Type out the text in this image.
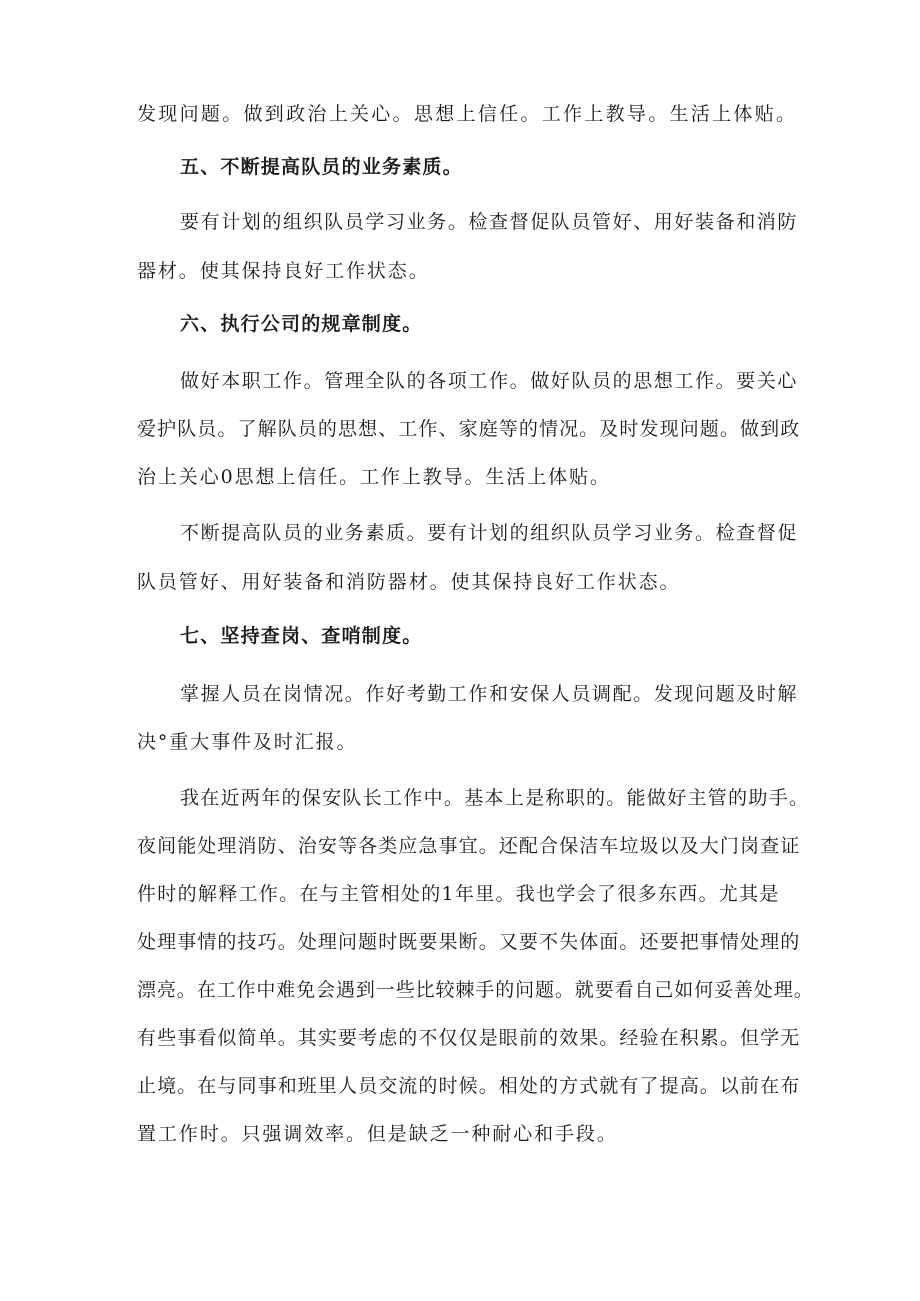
发现问题。做到政治上关心。思想上信任。工作上教导。生活上体贴。
五、不断提高队员的业务素质。
要有计划的组织队员学习业务。检查督促队员管好、用好装备和消防
器材。使其保持良好工作状态。
六、执行公司的规章制度。
做好本职工作。管理全队的各项工作。做好队员的思想工作。要关心
爱护队员。了解队员的思想、工作、家庭等的情况。及时发现问题。做到政
治上关心0思想上信任。工作上教导。生活上体贴。
不断提高队员的业务素质。要有计划的组织队员学习业务。检查督促
队员管好、用好装备和消防器材。使其保持良好工作状态。
七、坚持查岗、查哨制度。
掌握人员在岗情况。作好考勤工作和安保人员调配。发现问题及时解
决°重大事件及时汇报。
我在近两年的保安队长工作中。基本上是称职的。能做好主管的助手。
夜间能处理消防、治安等各类应急事宜。还配合保洁车垃圾以及大门岗查证
件时的解释工作。在与主管相处的1年里。我也学会了很多东西。尤其是
处理事情的技巧。处理问题时既要果断。又要不失体面。还要把事情处理的
漂亮。在工作中难免会遇到一些比较棘手的问题。就要看自己如何妥善处理。
有些事看似简单。其实要考虑的不仅仅是眼前的效果。经验在积累。但学无
止境。在与同事和班里人员交流的时候。相处的方式就有了提高。以前在布
置工作时。只强调效率。但是缺乏一种耐心和手段。
